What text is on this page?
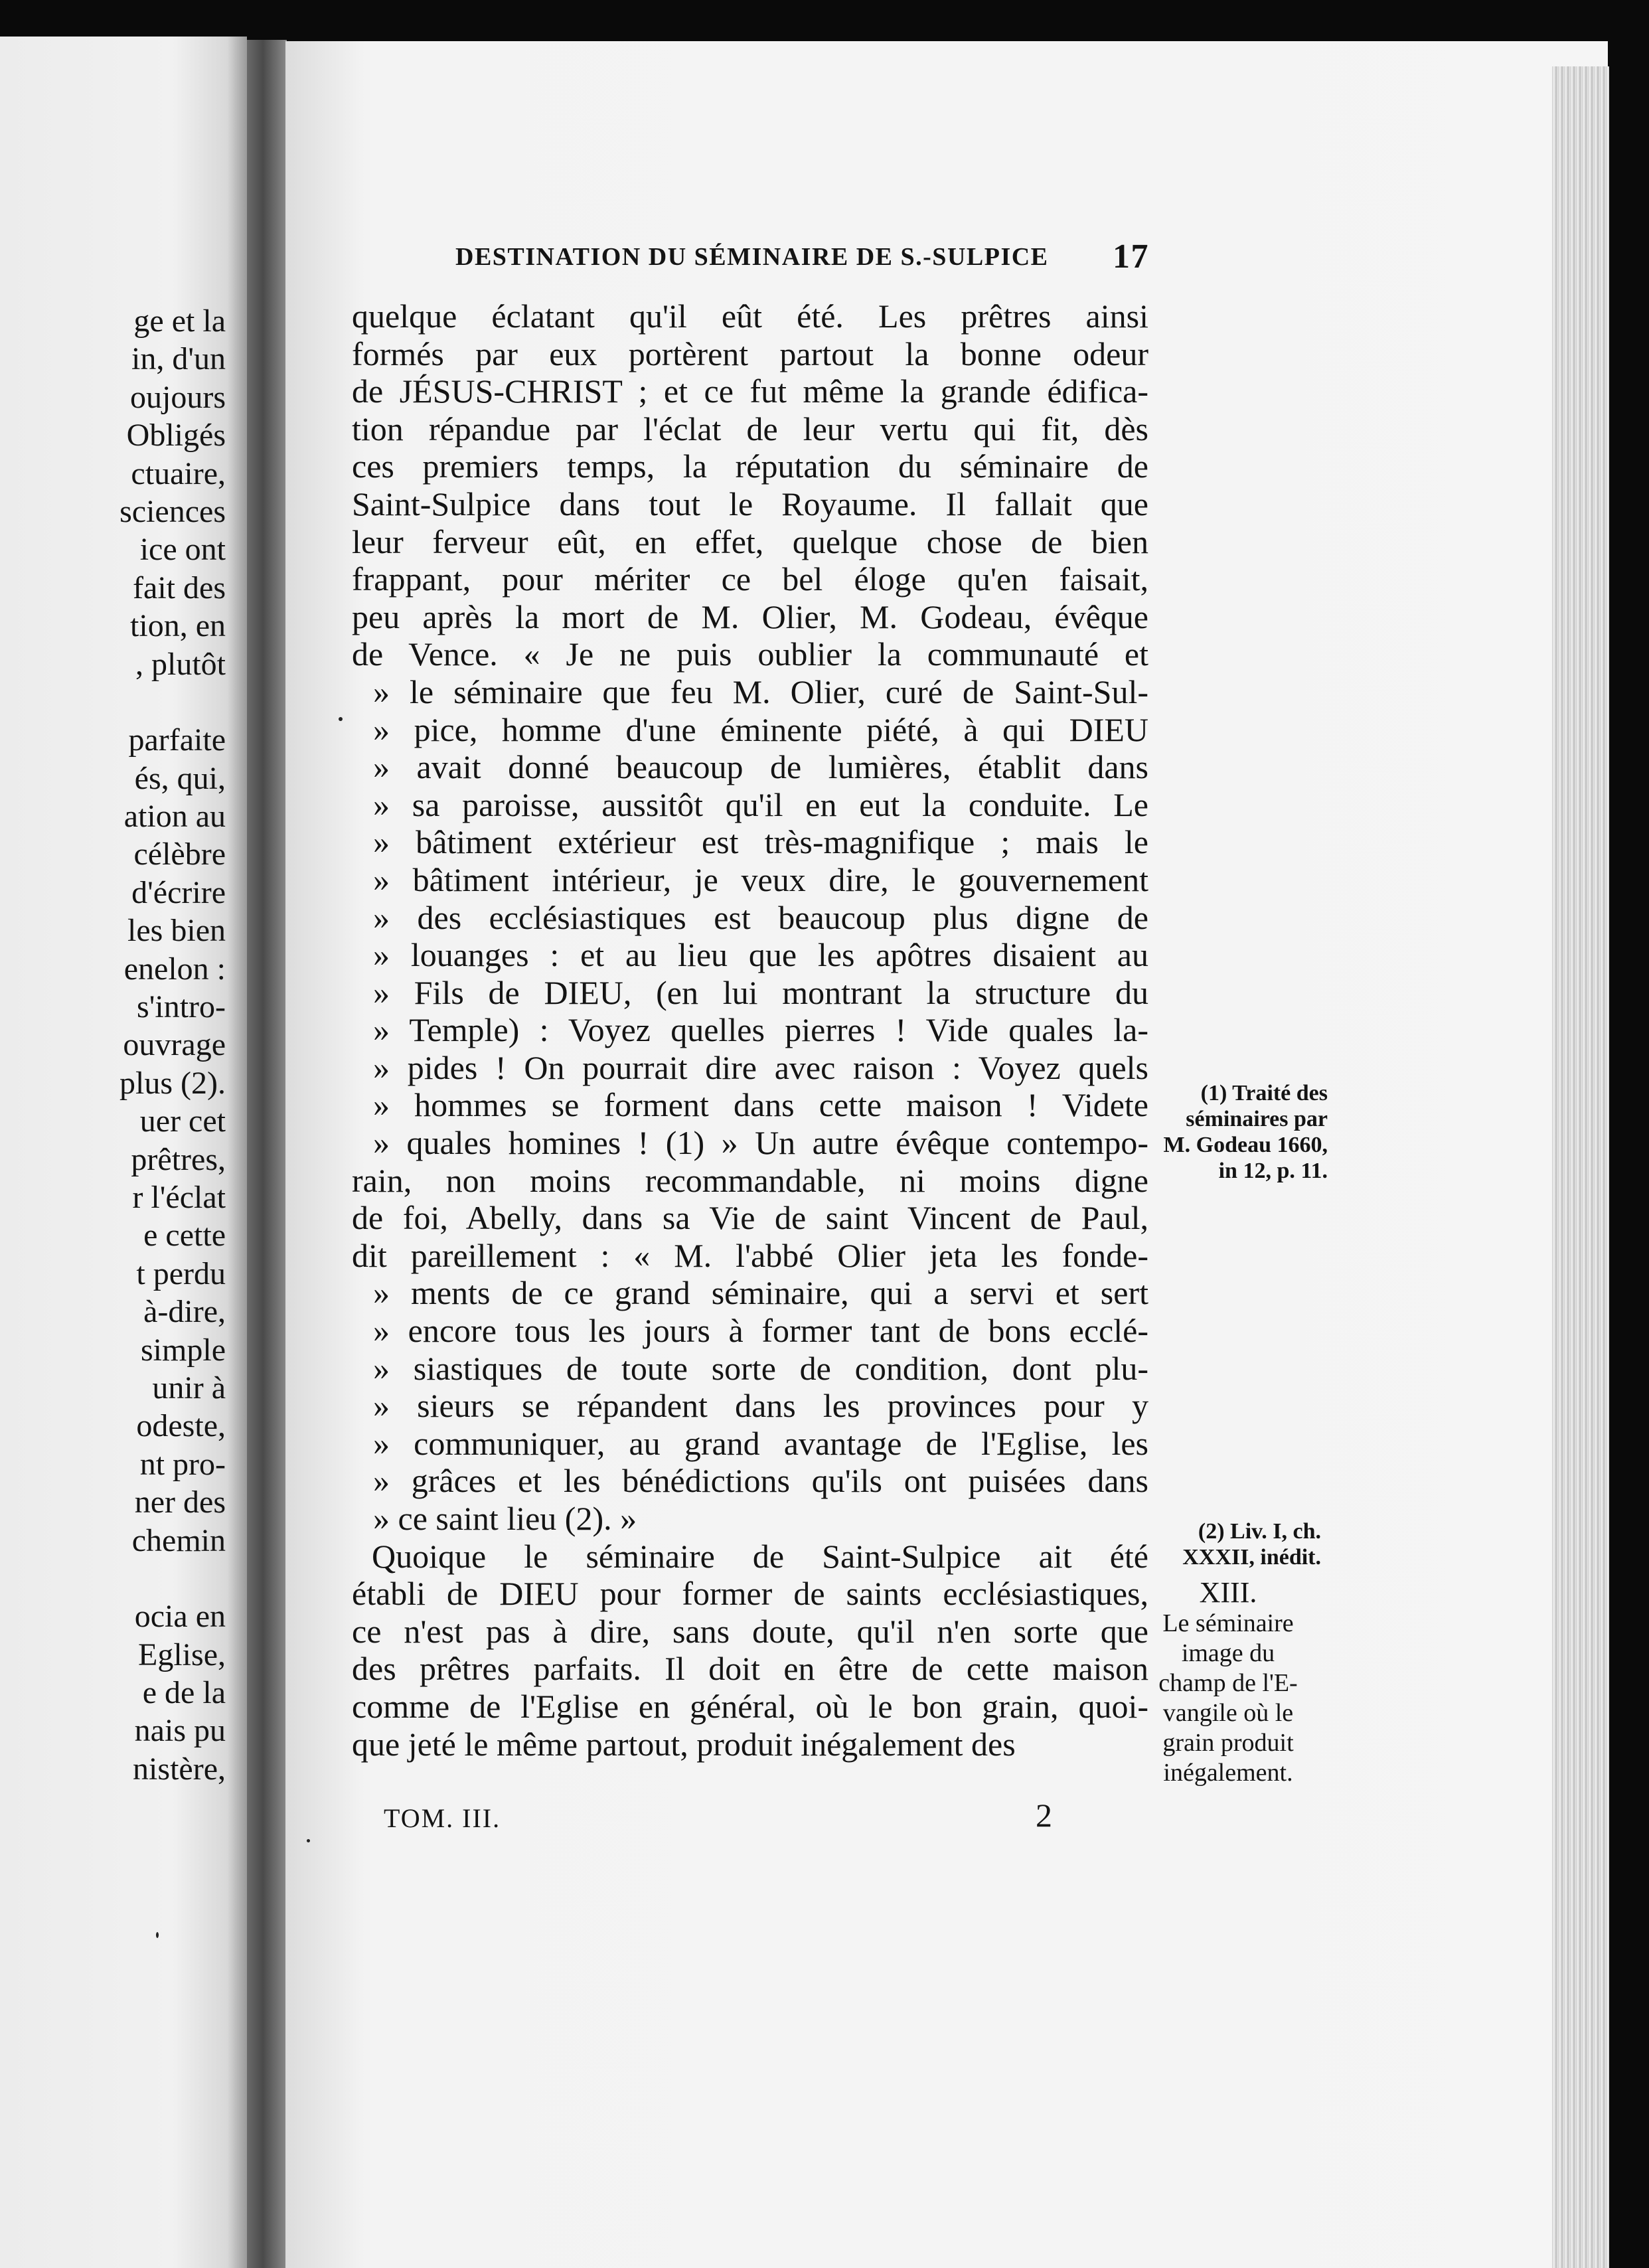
ge et la
in, d'un
oujours
Obligés
ctuaire,
sciences
ice ont
fait des
tion, en
, plutôt
parfaite
és, qui,
ation au
célèbre
d'écrire
les bien
enelon :
s'intro-
ouvrage
plus (2).
uer cet
prêtres,
r l'éclat
e cette
t perdu
à-dire,
simple
unir à
odeste,
nt pro-
ner des
chemin
ocia en
Eglise,
e de la
nais pu
nistère,
DESTINATION DU SÉMINAIRE DE S.-SULPICE 17
quelque éclatant qu'il eût été. Les prêtres ainsi
formés par eux portèrent partout la bonne odeur
de JÉSUS-CHRIST ; et ce fut même la grande édifica-
tion répandue par l'éclat de leur vertu qui fit, dès
ces premiers temps, la réputation du séminaire de
Saint-Sulpice dans tout le Royaume. Il fallait que
leur ferveur eût, en effet, quelque chose de bien
frappant, pour mériter ce bel éloge qu'en faisait,
peu après la mort de M. Olier, M. Godeau, évêque
de Vence. « Je ne puis oublier la communauté et
» le séminaire que feu M. Olier, curé de Saint-Sul-
» pice, homme d'une éminente piété, à qui DIEU
» avait donné beaucoup de lumières, établit dans
» sa paroisse, aussitôt qu'il en eut la conduite. Le
» bâtiment extérieur est très-magnifique ; mais le
» bâtiment intérieur, je veux dire, le gouvernement
» des ecclésiastiques est beaucoup plus digne de
» louanges : et au lieu que les apôtres disaient au
» Fils de DIEU, (en lui montrant la structure du
» Temple) : Voyez quelles pierres ! Vide quales la-
» pides ! On pourrait dire avec raison : Voyez quels
» hommes se forment dans cette maison ! Videte
» quales homines ! (1) » Un autre évêque contempo-
rain, non moins recommandable, ni moins digne
de foi, Abelly, dans sa Vie de saint Vincent de Paul,
dit pareillement : « M. l'abbé Olier jeta les fonde-
» ments de ce grand séminaire, qui a servi et sert
» encore tous les jours à former tant de bons ecclé-
» siastiques de toute sorte de condition, dont plu-
» sieurs se répandent dans les provinces pour y
» communiquer, au grand avantage de l'Eglise, les
» grâces et les bénédictions qu'ils ont puisées dans
» ce saint lieu (2). »
Quoique le séminaire de Saint-Sulpice ait été
établi de DIEU pour former de saints ecclésiastiques,
ce n'est pas à dire, sans doute, qu'il n'en sorte que
des prêtres parfaits. Il doit en être de cette maison
comme de l'Eglise en général, où le bon grain, quoi-
que jeté le même partout, produit inégalement des
(1) Traité des
séminaires par
M. Godeau 1660,
in 12, p. 11.
(2) Liv. I, ch.
XXXII, inédit.
XIII.
Le séminaire
image du
champ de l'E-
vangile où le
grain produit
inégalement.
TOM. III.	2
